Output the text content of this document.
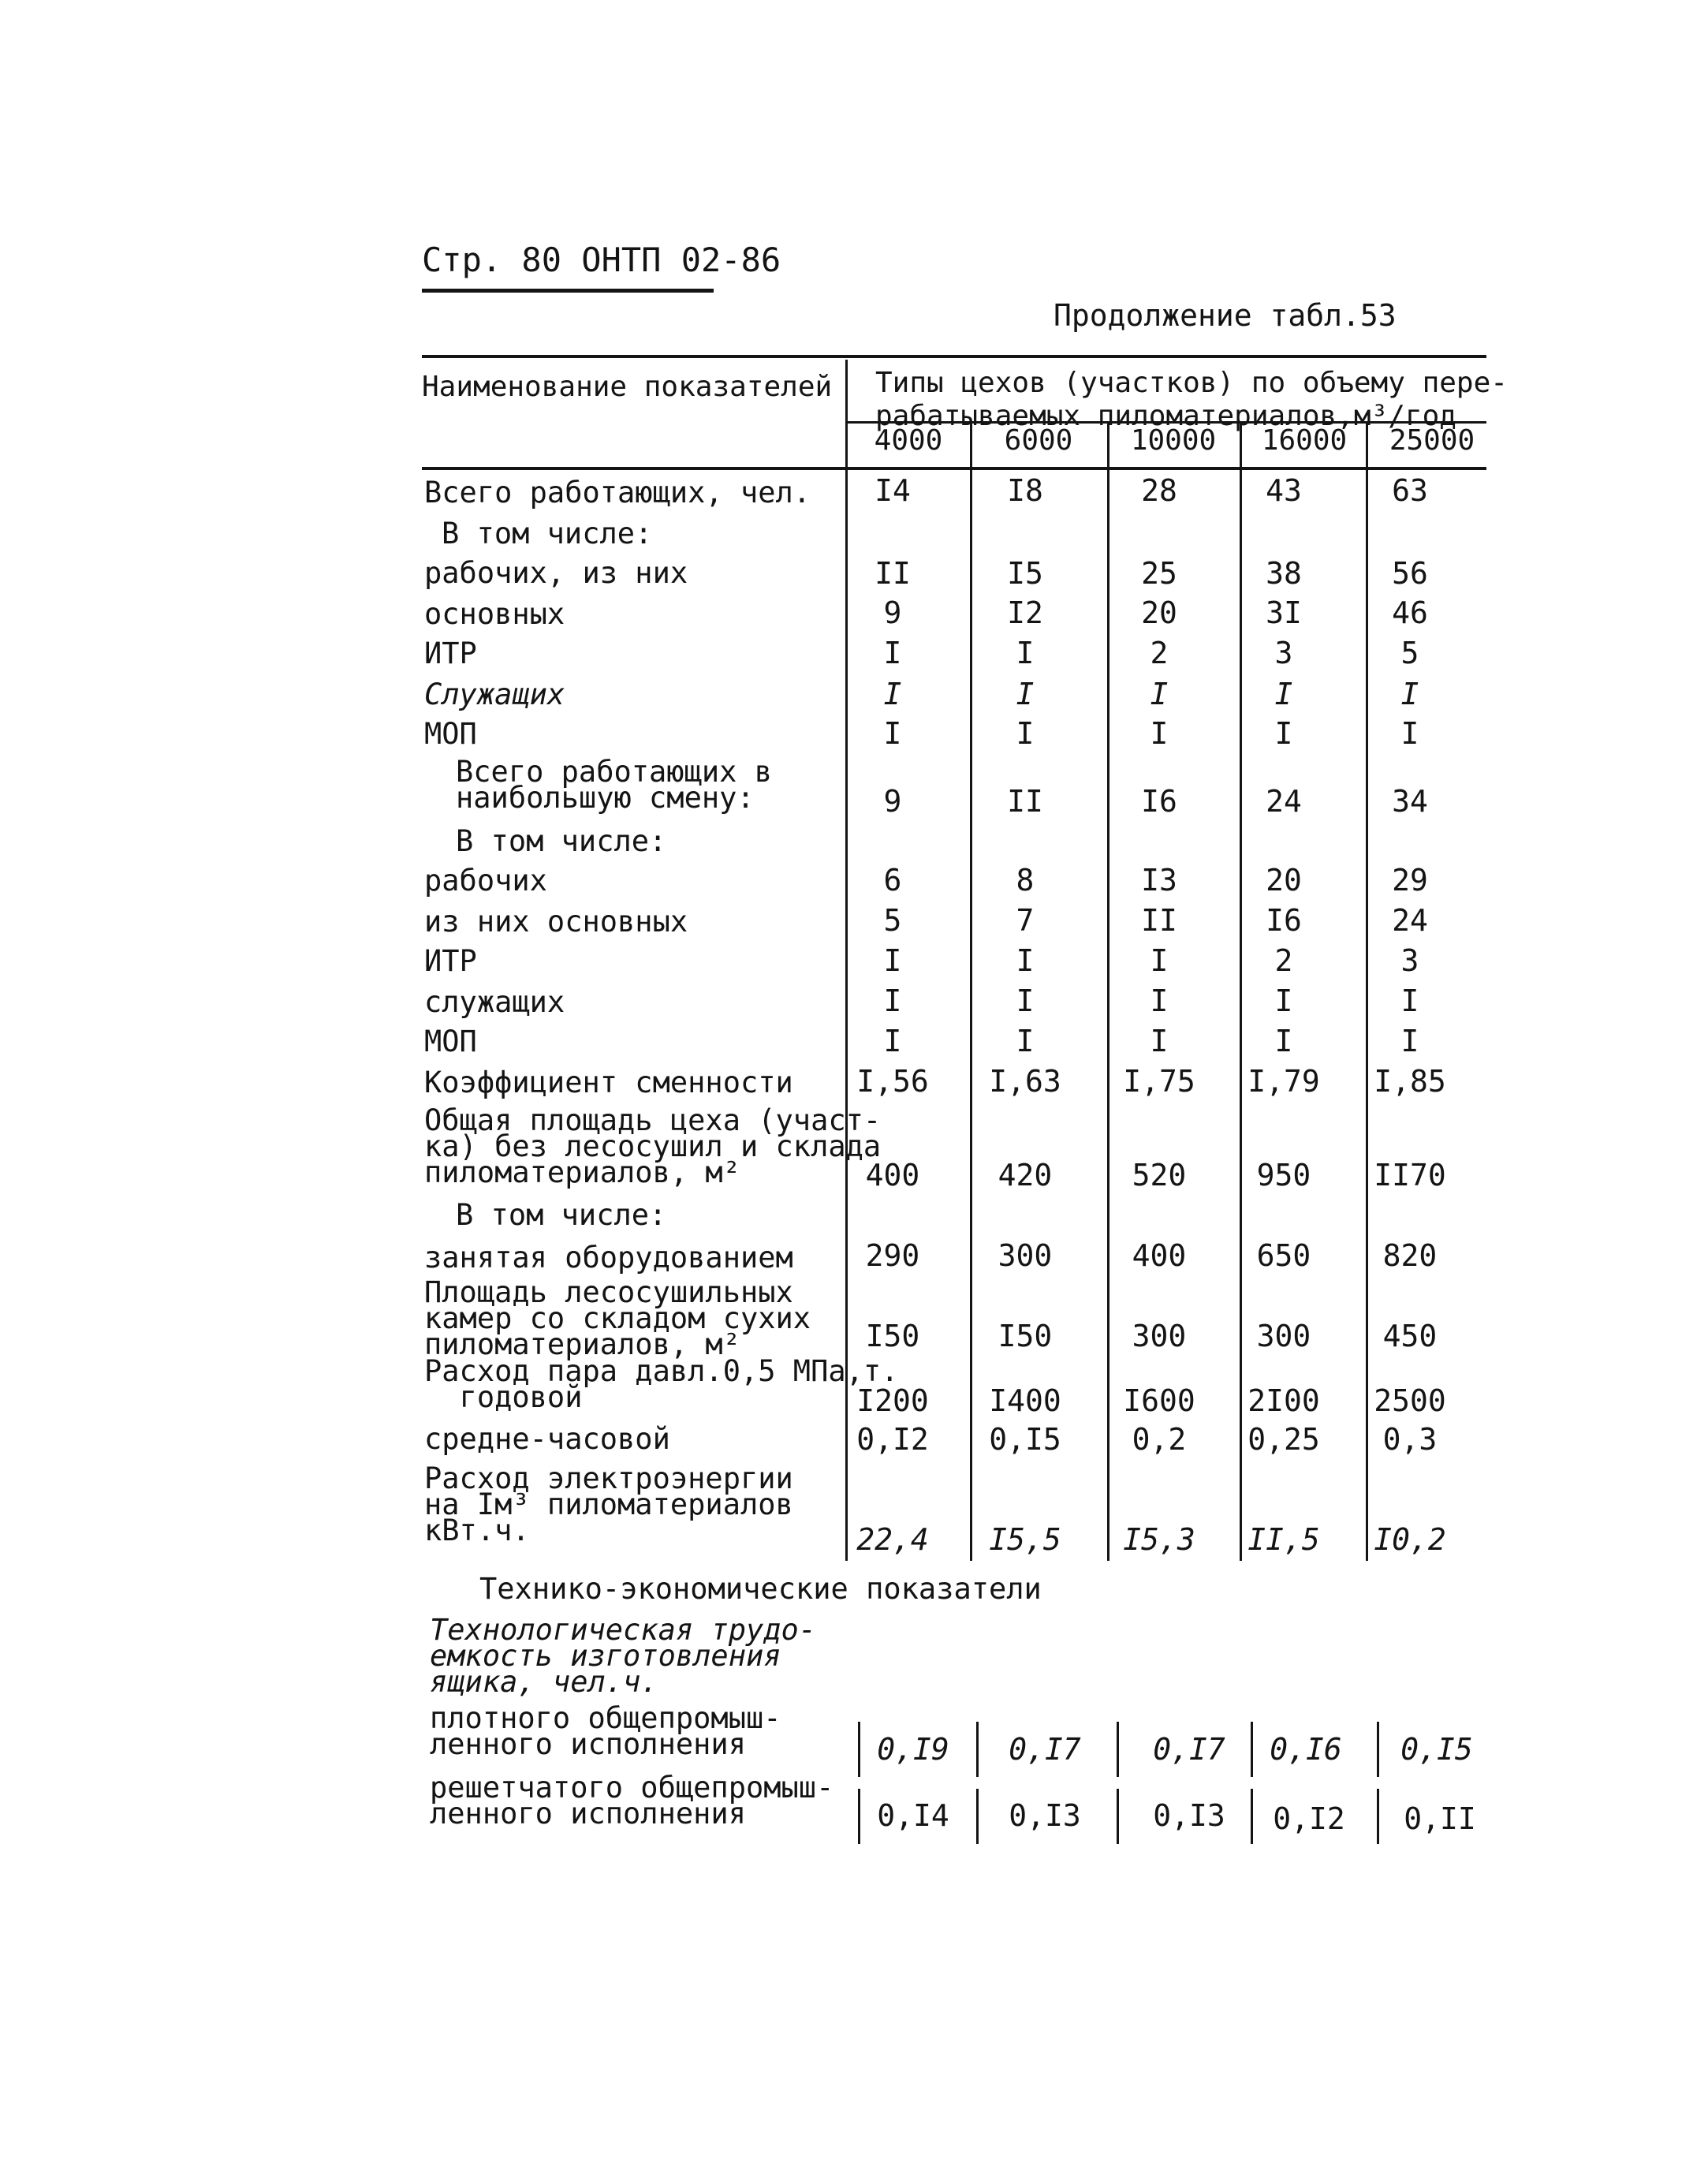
Стр. 80 ОНТП 02-86
Продолжение табл.53
Наименование показателей Типы цехов (участков) по объему пере-
рабатываемых пиломатериалов,м³/год
4000	6000	10000 16000 25000
Всего работающих, чел.	I4	I8	28	43	63
В том числе:
рабочих, из них	II	I5	25	38	56
основных	9	I2	20	3I	46
ИТР	I	I	2	3	5
Служащих	I	I	I	I	I
МОП	I	I	I	I	I
Всего работающих в
наибольшую смену:	9	II	I6	24	34
В том числе:
рабочих	6	8	I3	20	29
из них основных	5	7	II	I6	24
ИТР	I	I	I	2	3
служащих	I	I	I	I	I
МОП	I	I	I	I	I
Коэффициент сменности	I,56	I,63	I,75	I,79	I,85
Общая площадь цеха (участ-
ка) без лесосушил и склада
пиломатериалов, м²	400	420	520	950	II70
В том числе:
занятая оборудованием	290	300	400	650	820
Площадь лесосушильных
камер со складом сухих
пиломатериалов, м²	I50	I50	300	300	450
Расход пара давл.0,5 МПа,т.
годовой	I200	I400	I600	2I00	2500
средне-часовой	0,I2	0,I5	0,2	0,25	0,3
Расход электроэнергии
на Iм³ пиломатериалов
кВт.ч.	22,4	I5,5	I5,3	II,5	I0,2
Технико-экономические показатели
Технологическая трудо-
емкость изготовления
ящика, чел.ч.
плотного общепромыш-
ленного исполнения	0,I9	0,I7	0,I7	0,I6	0,I5
решетчатого общепромыш-
ленного исполнения	0,I4	0,I3	0,I3	0,I2	0,II
